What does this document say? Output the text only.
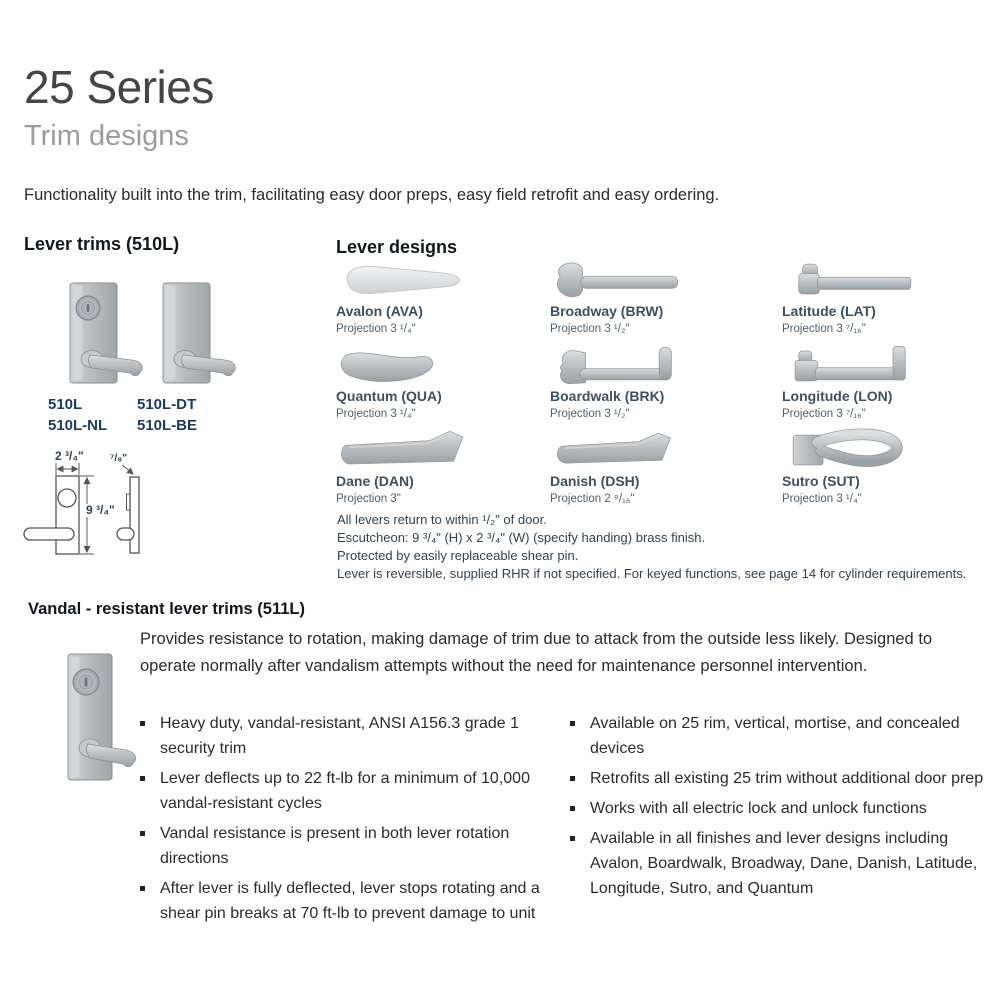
25 Series
Trim designs
Functionality built into the trim, facilitating easy door preps, easy field retrofit and easy ordering.
Lever trims (510L)
510L
510L-NL
510L-DT
510L-BE
2 ³/₄"
9 ³/₄"
⁷/₈"
Lever designs
Avalon (AVA)
Projection 3 ¹/₄"
Broadway (BRW)
Projection 3 ¹/₂"
Latitude (LAT)
Projection 3 ⁷/₁₆"
Quantum (QUA)
Projection 3 ¹/₄"
Boardwalk (BRK)
Projection 3 ¹/₂"
Longitude (LON)
Projection 3 ⁷/₁₆"
Dane (DAN)
Projection 3"
Danish (DSH)
Projection 2 ⁹/₁₆"
Sutro (SUT)
Projection 3 ¹/₄"
All levers return to within ¹/₂" of door.
Escutcheon: 9 ³/₄" (H) x 2 ³/₄" (W) (specify handing) brass finish.
Protected by easily replaceable shear pin.
Lever is reversible, supplied RHR if not specified. For keyed functions, see page 14 for cylinder requirements.
Vandal - resistant lever trims (511L)
Provides resistance to rotation, making damage of trim due to attack from the outside less likely. Designed to operate normally after vandalism attempts without the need for maintenance personnel intervention.
Heavy duty, vandal-resistant, ANSI A156.3 grade 1 security trim
Lever deflects up to 22 ft-lb for a minimum of 10,000 vandal-resistant cycles
Vandal resistance is present in both lever rotation directions
After lever is fully deflected, lever stops rotating and a shear pin breaks at 70 ft-lb to prevent damage to unit
Available on 25 rim, vertical, mortise, and concealed devices
Retrofits all existing 25 trim without additional door prep
Works with all electric lock and unlock functions
Available in all finishes and lever designs including Avalon, Boardwalk, Broadway, Dane, Danish, Latitude, Longitude, Sutro, and Quantum
